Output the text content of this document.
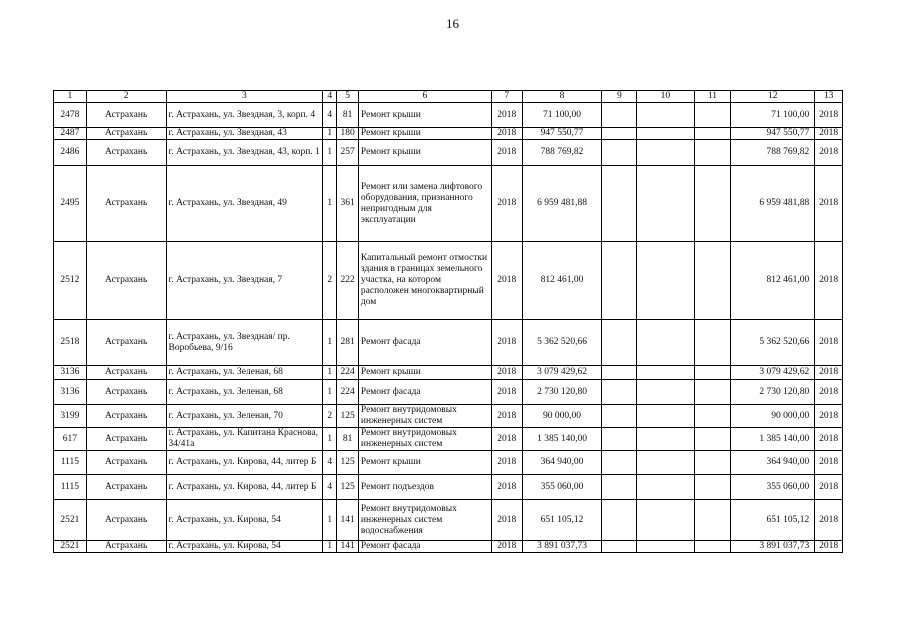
16
1	2	3	4	5	6	7	8	9	10	11	12	13
2478	Астрахань	г. Астрахань, ул. Звездная, 3, корп. 4	4	81	Ремонт крыши	2018	71 100,00				71 100,00	2018
2487	Астрахань	г. Астрахань, ул. Звездная, 43	1	180	Ремонт крыши	2018	947 550,77				947 550,77	2018
2486	Астрахань	г. Астрахань, ул. Звездная, 43, корп. 1	1	257	Ремонт крыши	2018	788 769,82				788 769,82	2018
2495	Астрахань	г. Астрахань, ул. Звездная, 49	1	361	Ремонт или замена лифтового оборудования, признанного непригодным для эксплуатации	2018	6 959 481,88				6 959 481,88	2018
2512	Астрахань	г. Астрахань, ул. Звездная, 7	2	222	Капитальный ремонт отмостки здания в границах земельного участка, на котором расположен многоквартирный дом	2018	812 461,00				812 461,00	2018
2518	Астрахань	г. Астрахань, ул. Звездная/ пр. Воробьева, 9/16	1	281	Ремонт фасада	2018	5 362 520,66				5 362 520,66	2018
3136	Астрахань	г. Астрахань, ул. Зеленая, 68	1	224	Ремонт крыши	2018	3 079 429,62				3 079 429,62	2018
3136	Астрахань	г. Астрахань, ул. Зеленая, 68	1	224	Ремонт фасада	2018	2 730 120,80				2 730 120,80	2018
3199	Астрахань	г. Астрахань, ул. Зеленая, 70	2	125	Ремонт внутридомовых инженерных систем	2018	90 000,00				90 000,00	2018
617	Астрахань	г. Астрахань, ул. Капитана Краснова, 34/41а	1	81	Ремонт внутридомовых инженерных систем	2018	1 385 140,00				1 385 140,00	2018
1115	Астрахань	г. Астрахань, ул. Кирова, 44, литер Б	4	125	Ремонт крыши	2018	364 940,00				364 940,00	2018
1115	Астрахань	г. Астрахань, ул. Кирова, 44, литер Б	4	125	Ремонт подъездов	2018	355 060,00				355 060,00	2018
2521	Астрахань	г. Астрахань, ул. Кирова, 54	1	141	Ремонт внутридомовых инженерных систем водоснабжения	2018	651 105,12				651 105,12	2018
2521	Астрахань	г. Астрахань, ул. Кирова, 54	1	141	Ремонт фасада	2018	3 891 037,73				3 891 037,73	2018
